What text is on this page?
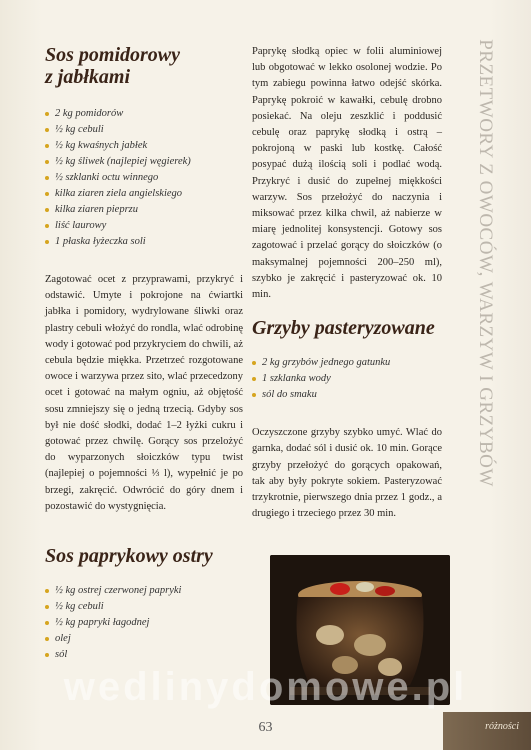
PRZETWORY Z OWOCÓW, WARZYW I GRZYBÓW
Sos pomidorowy
z jabłkami
2 kg pomidorów
½ kg cebuli
½ kg kwaśnych jabłek
½ kg śliwek (najlepiej węgierek)
½ szklanki octu winnego
kilka ziaren ziela angielskiego
kilka ziaren pieprzu
liść laurowy
1 płaska łyżeczka soli

Zagotować ocet z przyprawami, przykryć i odstawić. Umyte i pokrojone na ćwiartki jabłka i pomidory, wydrylowane śliwki oraz plastry cebuli włożyć do rondla, wlać odrobinę wody i gotować pod przykryciem do chwili, aż cebula będzie miękka. Przetrzeć rozgotowane owoce i warzywa przez sito, wlać przecedzony ocet i gotować na małym ogniu, aż objętość sosu zmniejszy się o jedną trzecią. Gdyby sos był nie dość słodki, dodać 1–2 łyżki cukru i gotować przez chwilę. Gorący sos przelożyć do wyparzonych słoiczków typu twist (najlepiej o pojemności ⅓ l), wypełnić je po brzegi, zakręcić. Odwrócić do góry dnem i pozostawić do wystygnięcia.

Sos paprykowy ostry
½ kg ostrej czerwonej papryki
½ kg cebuli
½ kg papryki łagodnej
olej
sól

Paprykę słodką opiec w folii aluminiowej lub obgotować w lekko osolonej wodzie. Po tym zabiegu powinna łatwo odejść skórka. Paprykę pokroić w kawałki, cebulę drobno posiekać. Na oleju zeszklić i poddusić cebulę oraz paprykę słodką i ostrą – pokrojoną w paski lub kostkę. Całość posypać dużą ilością soli i podlać wodą. Przykryć i dusić do zupełnej miękkości warzyw. Sos przełożyć do naczynia i miksować przez kilka chwil, aż nabierze w miarę jednolitej konsystencji. Gotowy sos zagotować i przelać gorący do słoiczków (o maksymalnej pojemności 200–250 ml), szybko je zakręcić i pasteryzować ok. 10 min.

Grzyby pasteryzowane
2 kg grzybów jednego gatunku
1 szklanka wody
sól do smaku

Oczyszczone grzyby szybko umyć. Wlać do garnka, dodać sól i dusić ok. 10 min. Gorące grzyby przełożyć do gorących opakowań, tak aby były pokryte sokiem. Pasteryzować trzykrotnie, pierwszego dnia przez 1 godz., a drugiego i trzeciego przez 30 min.

wedlinydomowe.pl
63	różności
